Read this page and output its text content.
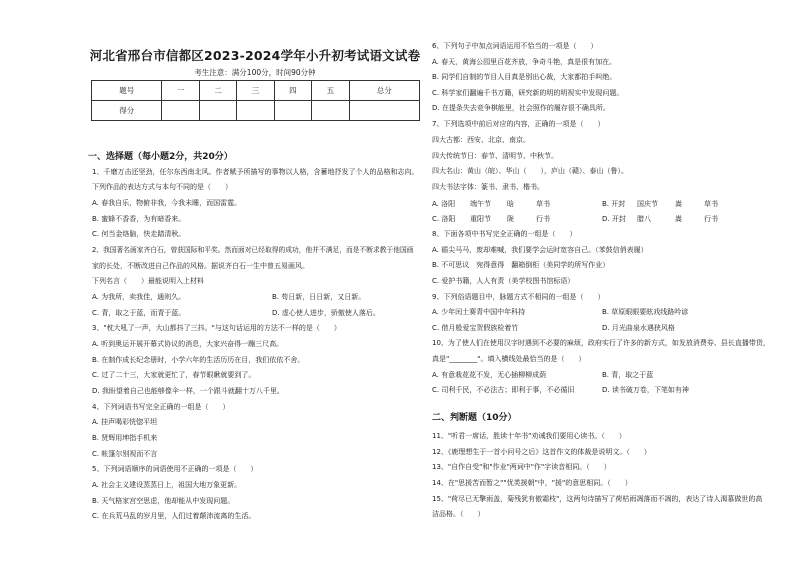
河北省邢台市信都区2023-2024学年小升初考试语文试卷
考生注意：满分100分，时间90分钟
题号	一	二	三	四	五	总分
得分						
一、选择题（每小题2分，共20分）
1、千磨万击还坚劲，任尔东西南北风。作者赋予所描写的事物以人格，含蓄地抒发了个人的品格和志向。
下列作品的表达方式与本句不同的是（　　）
A. 春我自乐，物俯非我，今我未睡，而国雷霆。
B. 蜜蜂不香香，为有暗香来。
C. 何当金络脑，快走踏清秋。
2、我国著名画家齐白石，曾获国际和平奖。然而面对已经取得的成功，他并不满足，而是不断求教于他国画
家的长处，不断改进自己作品的风格。据说齐白石一生中曾五易画风。
下列名言（　　）最能说明入上材料
A. 为我所，卖我佳，通则久。	B. 苟日新，日日新，又日新。
C. 青，取之于蓝，而青于蓝。	D. 虚心使人进步，骄傲使人落后。
3、"枕大吼了一声，大山都抖了三抖。"与这句话运用的方法不一样的是（　　）
A. 听到奥运开展开幕式协议的消息，大家兴奋得一蹦三尺高。
B. 在制作成长纪念册时，小学六年的生活历历在目，我们依依不舍。
C. 过了二十三，大家就更忙了，春节眼瞅就要到了。
D. 我盼望着自己也能够像伞一样，一个跟斗就翻十万八千里。
4、下列词语书写完全正确的一组是（　　）
A. 挂声喝彩恍惚平坦
B. 贤辉用坤指手机来
C. 帐篷尔别视而不言
5、下列词语顺序的词语使用不正确的一项是（　　）
A. 社会主义建设蒸蒸日上，祖国大地万象更新。
B. 天气格家宫空思虑，他却能从中发现问题。
C. 在兵荒马乱的岁月里，人们过着颠沛流离的生活。
6、下列句子中加点词语运用不恰当的一项是（　　）
A. 春天，黄海公园里百花齐放，争奇斗艳，真是很有加在。
B. 同学们自制的节目人目真是别出心裁，大家都拍手叫绝。
C. 科学家们翻遍千书万籍，研究新的明的明视实中发现问题。
D. 在提条失去竞争棋能里，社会照作的履存很不确具所。
7、下列选项中前后对应的内容，正确的一项是（　　）
四大古都：西安、北京、南京。
四大传统节日：春节、清明节、中秋节。
四大名山：黄山（皖）、华山（　　），庐山（赣）、泰山（鲁）。
四大书法字体：篆书、隶书、楷书。
A. 洛阳 端午节 晗	草书	B. 开封 国庆节 嵩	草书
C. 洛阳 重阳节 陇	行书	D. 开封 腊八	嵩	行书
8、下面各项中书写完全正确的一组是（　　）
A. 循尖马马，废却难喊，我们要学会运时宽容自己。（苯鼓信俏表履）
B. 不可思议　宛得意得　翻箱倒柜（美同学的所写作业）
C. 爱护书籍，人人有责（美学校图书馆标语）
9、下列俗语题目中，脉题方式不相同的一组是（　　）
A. 少年闰土赛青中国中年科持	B. 草原眼眼要眩戏线路吟谚
C. 借月般爱宝贺假族检着竹	D. 月光曲泉水遇狭风格
10、为了使人们在使用汉字时遇到不必要的麻烦，政府实行了许多的新方式，如发放消费券、县长直播带货，
真是"________"。填入横线处最恰当的是（　　）
A. 有意栽花花不发，无心插柳柳成荫	B. 青，取之于蓝
C. 司利千民，不必法古；即利于事，不必循旧	D. 读书破万卷，下笔如有神
二、判断题（10分）
11、"听君一席话，胜读十年书"劝诫我们要用心读书。（　　）
12、《鹿理想生于一首小问号之后》这首作文的体裁是说明文。（　　）
13、"自作自受"和"作业"两词中"作"字读音相同。（　　）
14、在"思援苦而暂之""忧类援朝"中，"援"的意思相同。（　　）
15、"荷尽已无擎雨盖，菊残犹有傲霜枝"，这两句诗描写了荷枯雨凋落而不凋的，表达了诗人渴慕做世的高
洁品格。（　　）
